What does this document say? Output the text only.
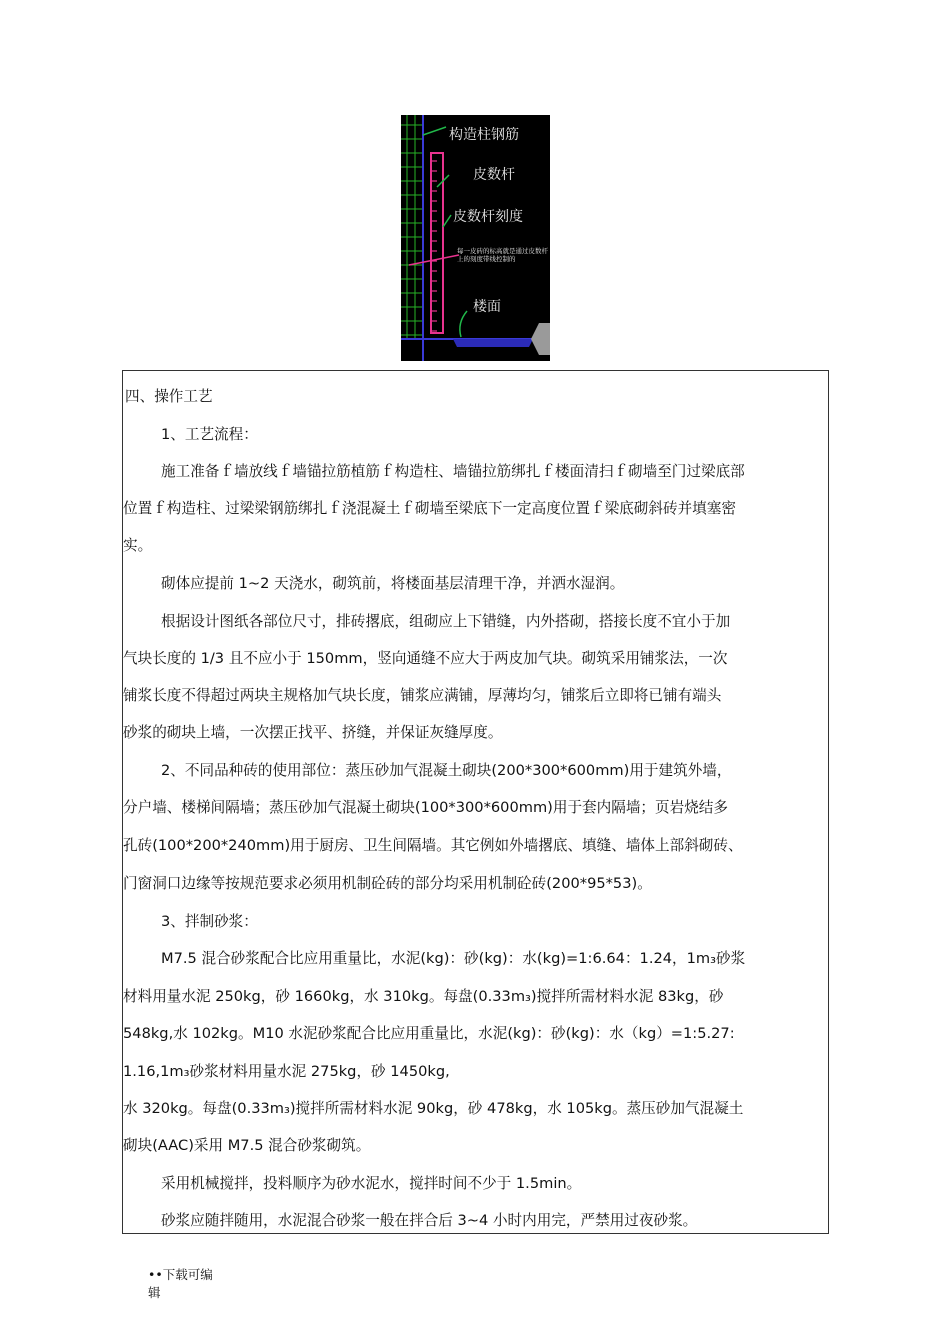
构造柱钢筋
皮数杆
皮数杆刻度
每一皮砖的标高就是通过皮数杆上的刻度带线控制的
楼面

四、操作工艺

1、工艺流程：

施工准备ｆ墙放线ｆ墙锚拉筋植筋ｆ构造柱、墙锚拉筋绑扎ｆ楼面清扫ｆ砌墙至门过梁底部

位置ｆ构造柱、过梁梁钢筋绑扎ｆ浇混凝土ｆ砌墙至梁底下一定高度位置ｆ梁底砌斜砖并填塞密

实。

砌体应提前 1~2 天浇水，砌筑前，将楼面基层清理干净，并洒水湿润。

根据设计图纸各部位尺寸，排砖撂底，组砌应上下错缝，内外搭砌，搭接长度不宜小于加

气块长度的 1/3 且不应小于 150mm，竖向通缝不应大于两皮加气块。砌筑采用铺浆法，一次

铺浆长度不得超过两块主规格加气块长度，铺浆应满铺，厚薄均匀，铺浆后立即将已铺有端头

砂浆的砌块上墙，一次摆正找平、挤缝，并保证灰缝厚度。

2、不同品种砖的使用部位：蒸压砂加气混凝土砌块(200*300*600mm)用于建筑外墙，

分户墙、楼梯间隔墙；蒸压砂加气混凝土砌块(100*300*600mm)用于套内隔墙；页岩烧结多

孔砖(100*200*240mm)用于厨房、卫生间隔墙。其它例如外墙撂底、填缝、墙体上部斜砌砖、

门窗洞口边缘等按规范要求必须用机制砼砖的部分均采用机制砼砖(200*95*53)。

3、拌制砂浆：

M7.5 混合砂浆配合比应用重量比，水泥(kg)：砂(kg)：水(kg)=1:6.64：1.24，1m₃砂浆

材料用量水泥 250kg，砂 1660kg，水 310kg。每盘(0.33m₃)搅拌所需材料水泥 83kg，砂

548kg,水 102kg。M10 水泥砂浆配合比应用重量比，水泥(kg)：砂(kg)：水（kg）=1:5.27:

1.16,1m₃砂浆材料用量水泥 275kg，砂 1450kg,

水 320kg。每盘(0.33m₃)搅拌所需材料水泥 90kg，砂 478kg，水 105kg。蒸压砂加气混凝土

砌块(AAC)采用 M7.5 混合砂浆砌筑。

采用机械搅拌，投料顺序为砂水泥水，搅拌时间不少于 1.5min。

砂浆应随拌随用，水泥混合砂浆一般在拌合后 3~4 小时内用完，严禁用过夜砂浆。

••下载可编
辑
